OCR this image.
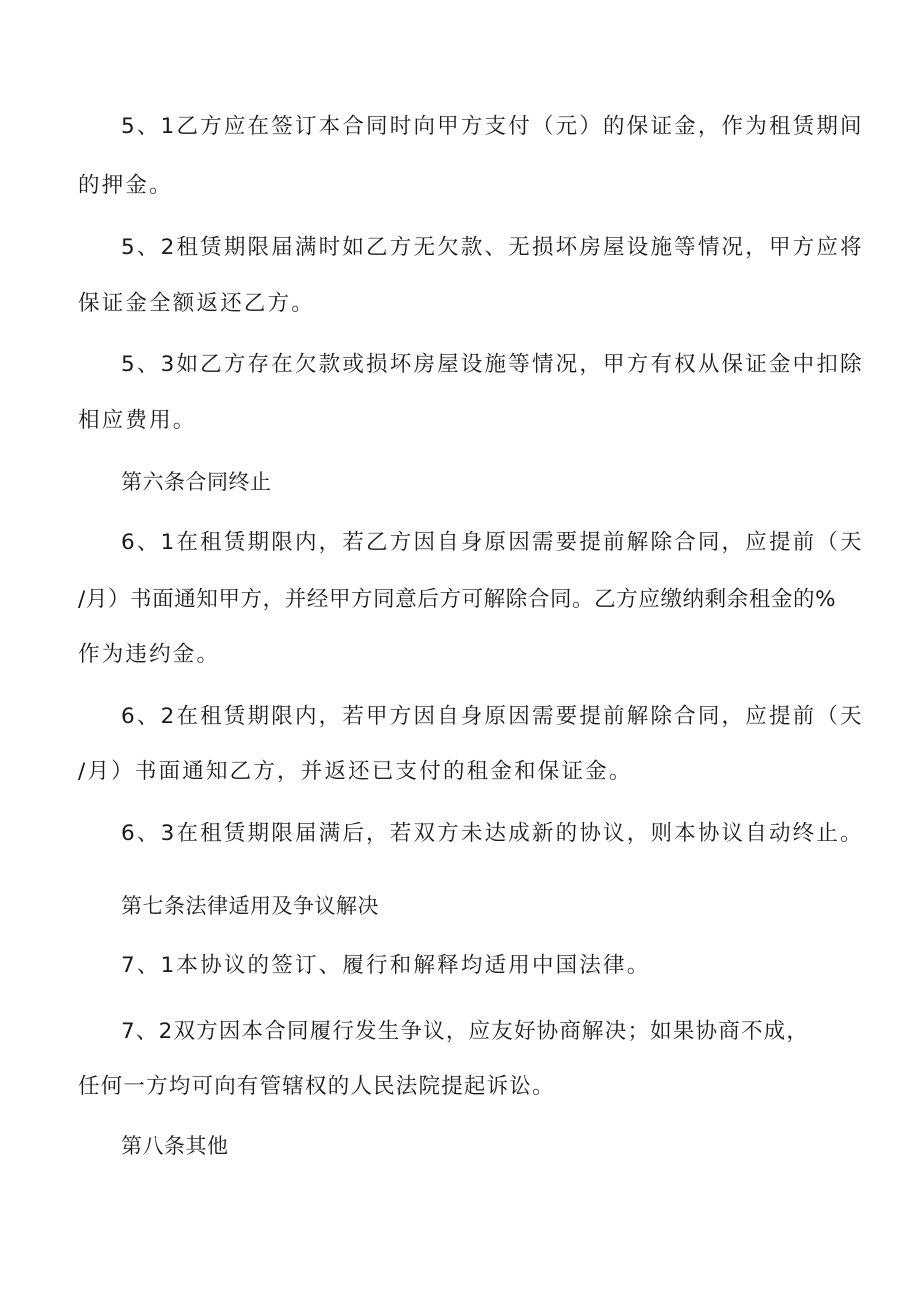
5、1乙方应在签订本合同时向甲方支付（元）的保证金，作为租赁期间
的押金。
5、2租赁期限届满时如乙方无欠款、无损坏房屋设施等情况，甲方应将
保证金全额返还乙方。
5、3如乙方存在欠款或损坏房屋设施等情况，甲方有权从保证金中扣除
相应费用。
第六条合同终止
6、1在租赁期限内，若乙方因自身原因需要提前解除合同，应提前（天
/月）书面通知甲方，并经甲方同意后方可解除合同。乙方应缴纳剩余租金的%
作为违约金。
6、2在租赁期限内，若甲方因自身原因需要提前解除合同，应提前（天
/月）书面通知乙方，并返还已支付的租金和保证金。
6、3在租赁期限届满后，若双方未达成新的协议，则本协议自动终止。
第七条法律适用及争议解决
7、1本协议的签订、履行和解释均适用中国法律。
7、2双方因本合同履行发生争议，应友好协商解决；如果协商不成，
任何一方均可向有管辖权的人民法院提起诉讼。
第八条其他
